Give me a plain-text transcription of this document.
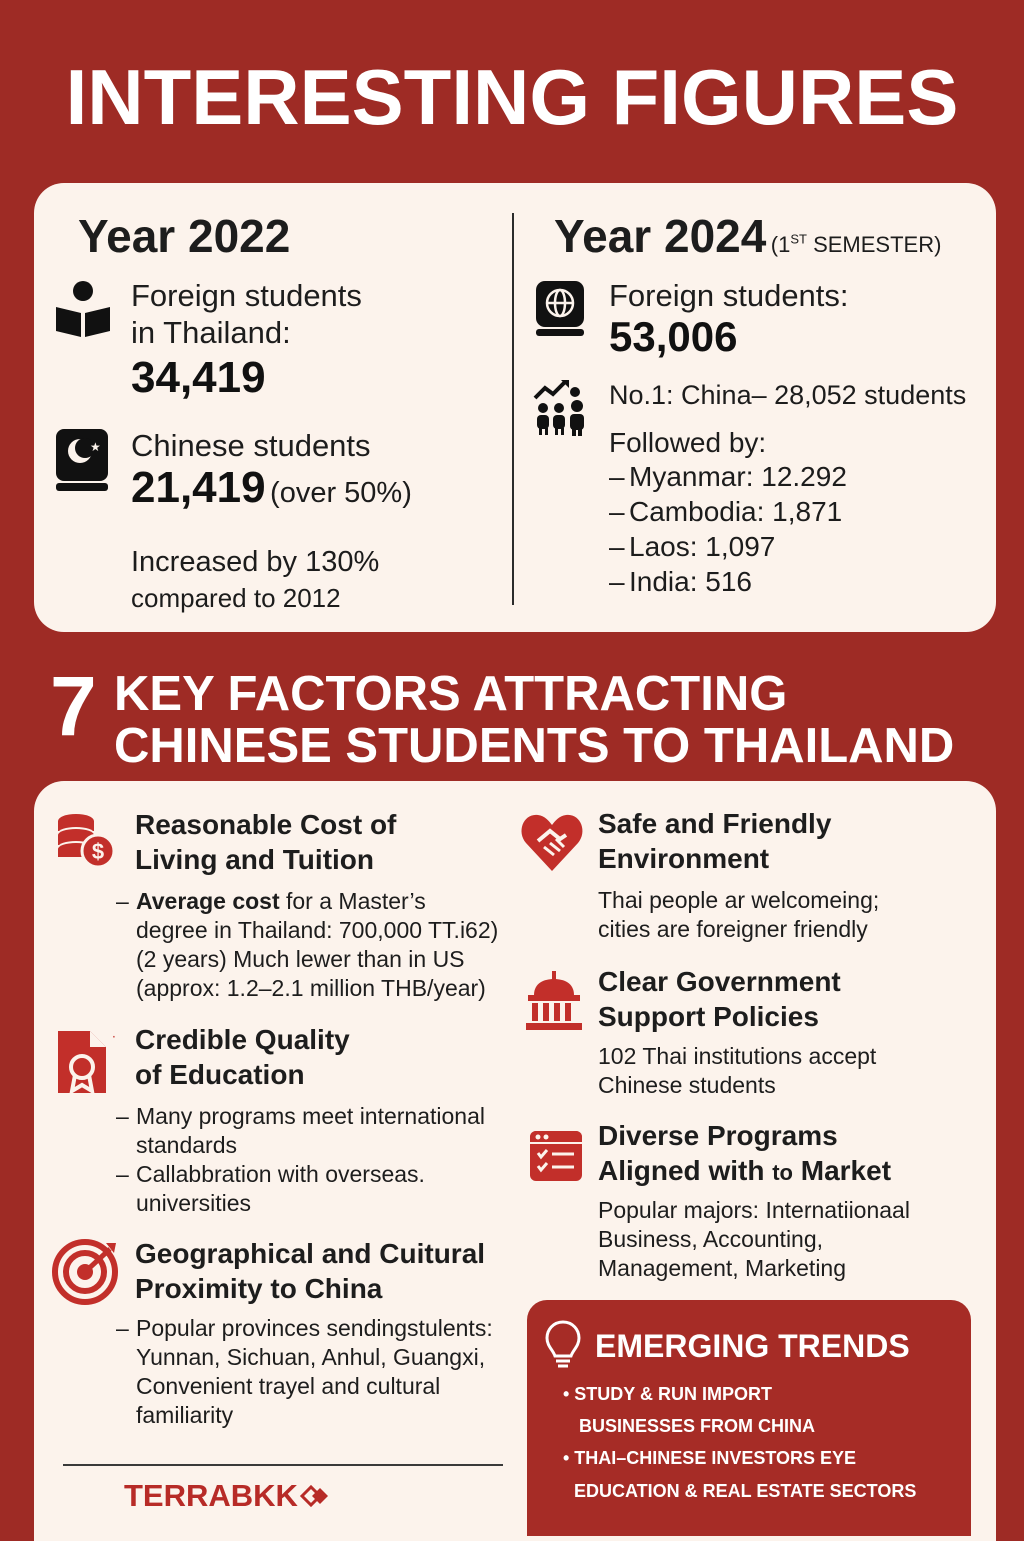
INTERESTING FIGURES
Year 2022
Foreign students
in Thailand:
34,419
★ Chinese students
21,419 (over 50%)
Increased by 130%
compared to 2012
Year 2024 (1ST SEMESTER)
Foreign students:
53,006
No.1: China– 28,052 students
Followed by:
– Myanmar: 12.292
– Cambodia: 1,871
– Laos: 1,097
– India: 516
7 KEY FACTORS ATTRACTING
CHINESE STUDENTS TO THAILAND
$
Reasonable Cost of
Living and Tuition
– Average cost for a Master’s
degree in Thailand: 700,000 TT.i62)
(2 years) Much lewer than in US
(approx: 1.2–2.1 million THB/year)
· Credible Quality
of Education
– Many programs meet international
standards
– Callabbration with overseas.
universities
Geographical and Cuitural
Proximity to China
– Popular provinces sendingstulents:
Yunnan, Sichuan, Anhul, Guangxi,
Convenient trayel and cultural
familiarity
Safe and Friendly
Environment
Thai people ar welcomeing;
cities are foreigner friendly
Clear Government
Support Policies
102 Thai institutions accept
Chinese students
Diverse Programs
Aligned with to Market
Popular majors: Internatiionaal
Business, Accounting,
Management, Marketing
EMERGING TRENDS
• STUDY & RUN IMPORT
BUSINESSES FROM CHINA
• THAI–CHINESE INVESTORS EYE
EDUCATION & REAL ESTATE SECTORS
TERRABKK
